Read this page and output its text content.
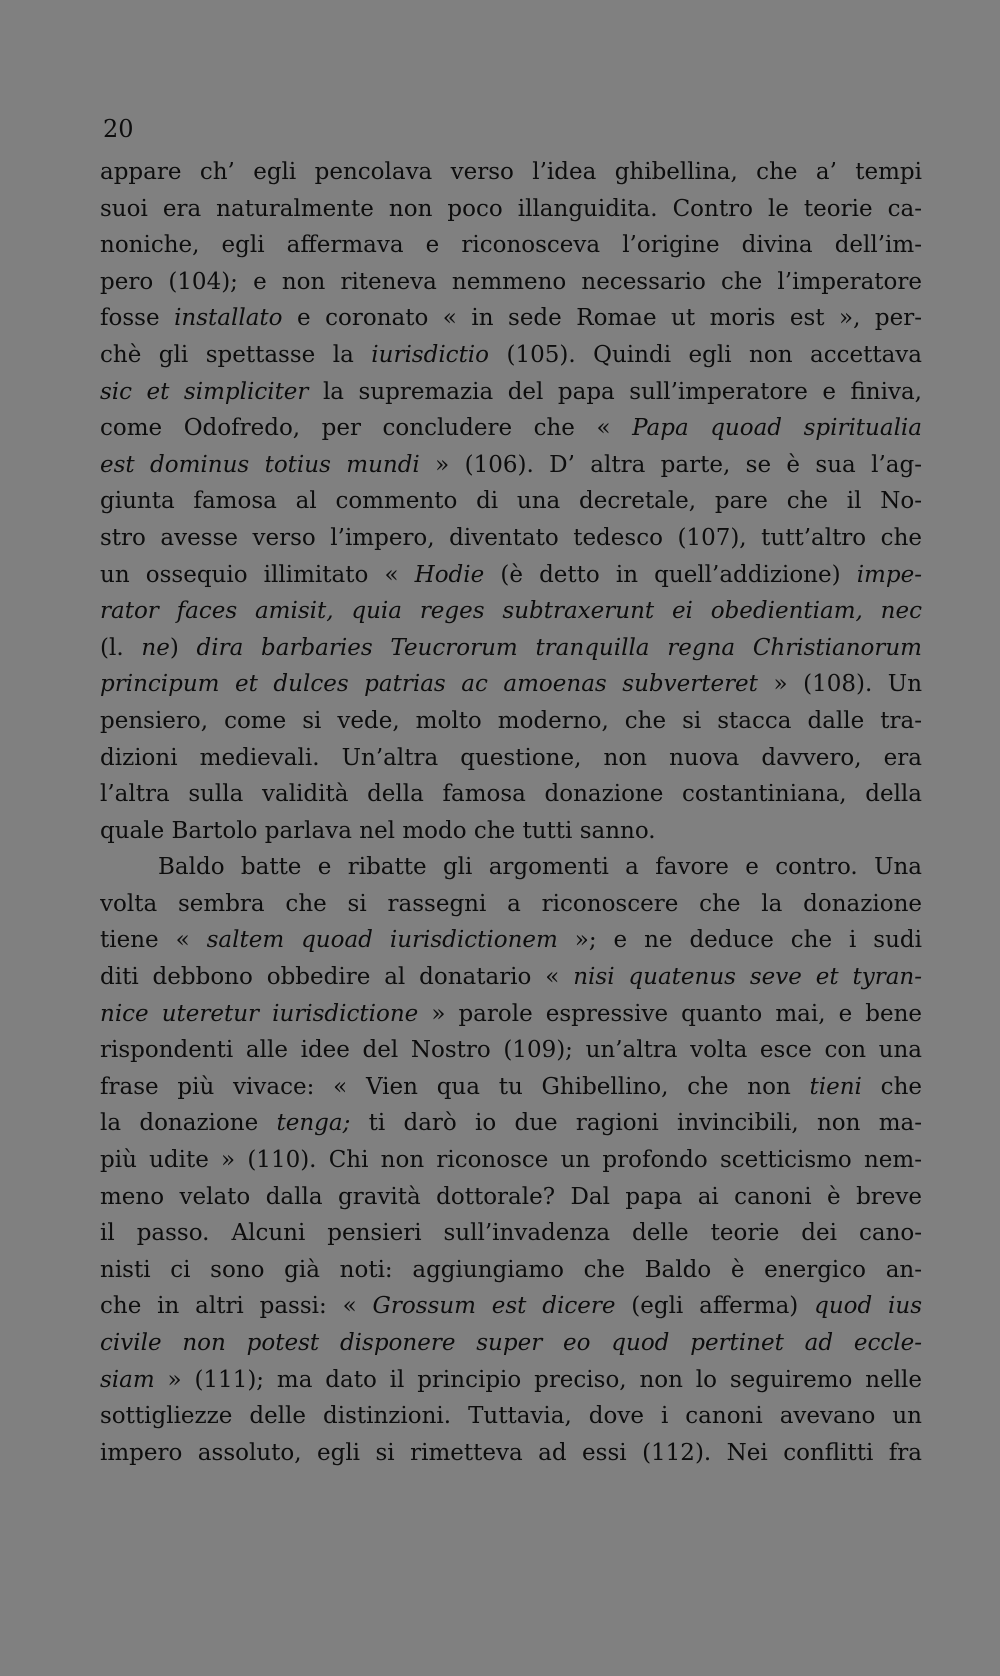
20
appare ch’ egli pencolava verso l’idea ghibellina, che a’ tempi
suoi era naturalmente non poco illanguidita. Contro le teorie ca-
noniche, egli affermava e riconosceva l’origine divina dell’im-
pero (104); e non riteneva nemmeno necessario che l’imperatore
fosse installato e coronato « in sede Romae ut moris est », per-
chè gli spettasse la iurisdictio (105). Quindi egli non accettava
sic et simpliciter la supremazia del papa sull’imperatore e finiva,
come Odofredo, per concludere che « Papa quoad spiritualia
est dominus totius mundi » (106). D’ altra parte, se è sua l’ag-
giunta famosa al commento di una decretale, pare che il No-
stro avesse verso l’impero, diventato tedesco (107), tutt’altro che
un ossequio illimitato « Hodie (è detto in quell’addizione) impe-
rator faces amisit, quia reges subtraxerunt ei obedientiam, nec
(l. ne) dira barbaries Teucrorum tranquilla regna Christianorum
principum et dulces patrias ac amoenas subverteret » (108). Un
pensiero, come si vede, molto moderno, che si stacca dalle tra-
dizioni medievali. Un’altra questione, non nuova davvero, era
l’altra sulla validità della famosa donazione costantiniana, della
quale Bartolo parlava nel modo che tutti sanno.
Baldo batte e ribatte gli argomenti a favore e contro. Una
volta sembra che si rassegni a riconoscere che la donazione
tiene « saltem quoad iurisdictionem »; e ne deduce che i sudi
diti debbono obbedire al donatario « nisi quatenus seve et tyran-
nice uteretur iurisdictione » parole espressive quanto mai, e bene
rispondenti alle idee del Nostro (109); un’altra volta esce con una
frase più vivace: « Vien qua tu Ghibellino, che non tieni che
la donazione tenga; ti darò io due ragioni invincibili, non ma-
più udite » (110). Chi non riconosce un profondo scetticismo nem-
meno velato dalla gravità dottorale? Dal papa ai canoni è breve
il passo. Alcuni pensieri sull’invadenza delle teorie dei cano-
nisti ci sono già noti: aggiungiamo che Baldo è energico an-
che in altri passi: « Grossum est dicere (egli afferma) quod ius
civile non potest disponere super eo quod pertinet ad eccle-
siam » (111); ma dato il principio preciso, non lo seguiremo nelle
sottigliezze delle distinzioni. Tuttavia, dove i canoni avevano un
impero assoluto, egli si rimetteva ad essi (112). Nei conflitti fra
